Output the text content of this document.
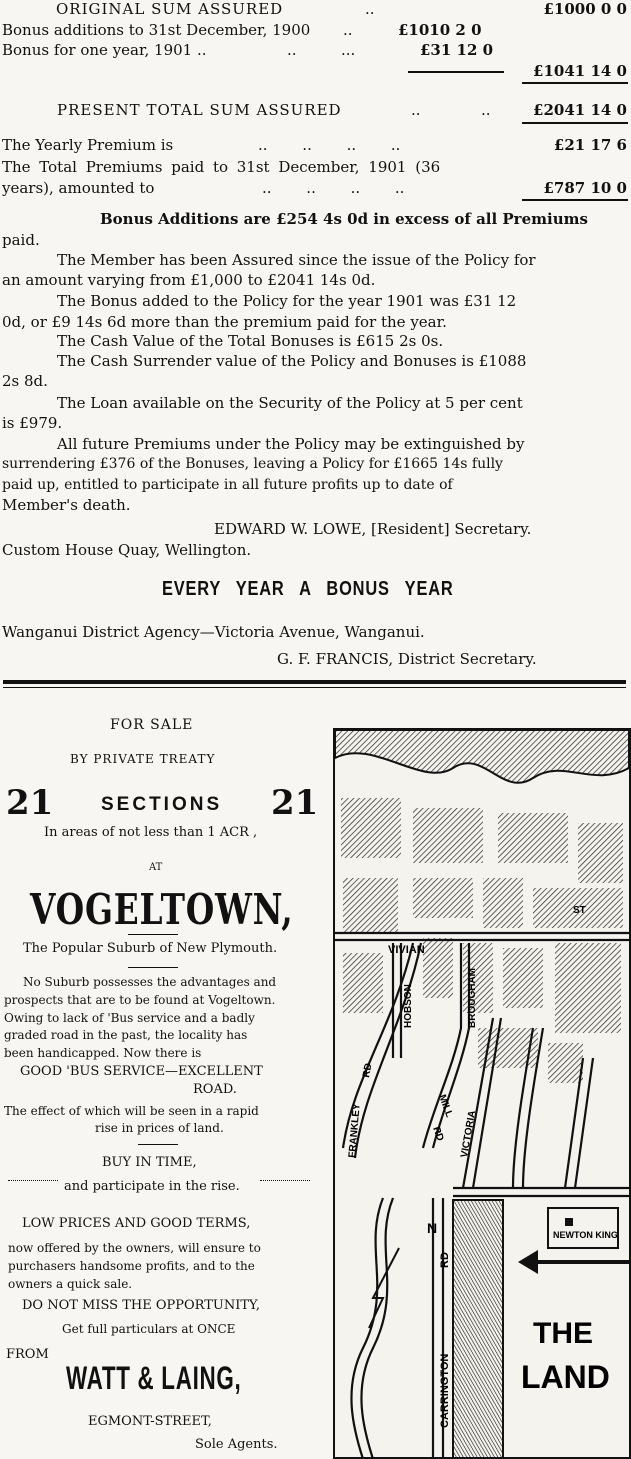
ORIGINAL SUM ASSURED	..	£1000 0 0
Bonus additions to 31st December, 1900 ..	£1010 2 0
Bonus for one year, 1901 ..	..	...	£31 12 0
£1041 14 0
PRESENT TOTAL SUM ASSURED	..	..	£2041 14 0
The Yearly Premium is	.. .. .. ..	£21 17 6
The Total Premiums paid to 31st December, 1901 (36
years), amounted to	.. .. .. ..	£787 10 0
Bonus Additions are £254 4s 0d in excess of all Premiums
paid.
The Member has been Assured since the issue of the Policy for
an amount varying from £1,000 to £2041 14s 0d.
The Bonus added to the Policy for the year 1901 was £31 12
0d, or £9 14s 6d more than the premium paid for the year.
The Cash Value of the Total Bonuses is £615 2s 0s.
The Cash Surrender value of the Policy and Bonuses is £1088
2s 8d.
The Loan available on the Security of the Policy at 5 per cent
is £979.
All future Premiums under the Policy may be extinguished by
surrendering £376 of the Bonuses, leaving a Policy for £1665 14s fully
paid up, entitled to participate in all future profits up to date of
Member's death.
EDWARD W. LOWE, [Resident] Secretary.
Custom House Quay, Wellington.
EVERY YEAR A BONUS YEAR
Wanganui District Agency—Victoria Avenue, Wanganui.
G. F. FRANCIS, District Secretary.
FOR SALE
BY PRIVATE TREATY
21	SECTIONS 21
In areas of not less than 1 ACR ,
AT
VOGELTOWN,
The Popular Suburb of New Plymouth.
No Suburb possesses the advantages and
prospects that are to be found at Vogeltown.
Owing to lack of 'Bus service and a badly
graded road in the past, the locality has
been handicapped. Now there is
GOOD 'BUS SERVICE—EXCELLENT
ROAD.
The effect of which will be seen in a rapid
rise in prices of land.
BUY IN TIME,
and participate in the rise.
LOW PRICES AND GOOD TERMS,
now offered by the owners, will ensure to
purchasers handsome profits, and to the
owners a quick sale.
DO NOT MISS THE OPPORTUNITY,
Get full particulars at ONCE
FROM
WATT & LAING,
EGMONT-STREET,
Sole Agents.
VIVIAN
ST
BROUGHAM
HOBSON
FRANKLEY
RD
MILL
RD VICTORIA
CARRINGTON
RD
NEWTON KING
THE
LAND
N
